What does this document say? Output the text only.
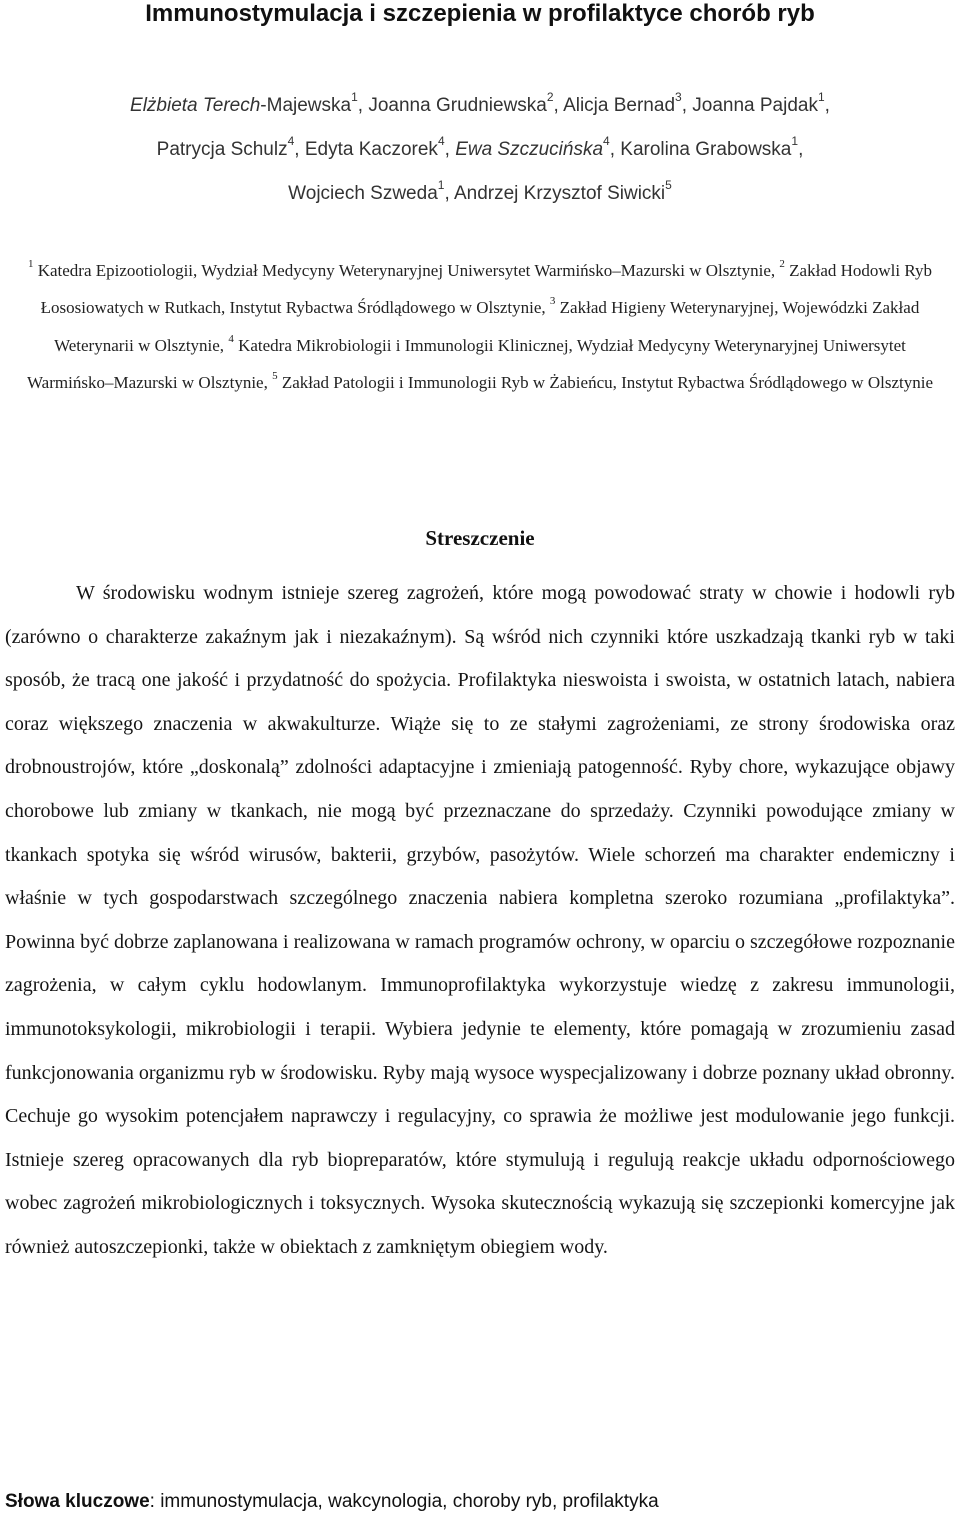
Immunostymulacja i szczepienia w profilaktyce chorób ryb
Elżbieta Terech-Majewska$^1$, Joanna Grudniewska$^2$, Alicja Bernad$^3$, Joanna Pajdak$^1$,
Patrycja Schulz$^4$, Edyta Kaczorek$^4$, Ewa Szczucińska$^4$, Karolina Grabowska$^1$,
Wojciech Szweda$^1$, Andrzej Krzysztof Siwicki$^5$
$^1$ Katedra Epizootiologii, Wydział Medycyny Weterynaryjnej Uniwersytet Warmińsko–Mazurski w Olsztynie, $^2$ Zakład Hodowli Ryb Łososiowatych w Rutkach, Instytut Rybactwa Śródlądowego w Olsztynie, $^3$ Zakład Higieny Weterynaryjnej, Wojewódzki Zakład Weterynarii w Olsztynie, $^4$ Katedra Mikrobiologii i Immunologii Klinicznej, Wydział Medycyny Weterynaryjnej Uniwersytet Warmińsko–Mazurski w Olsztynie, $^5$ Zakład Patologii i Immunologii Ryb w Żabieńcu, Instytut Rybactwa Śródlądowego w Olsztynie
Streszczenie
W środowisku wodnym istnieje szereg zagrożeń, które mogą powodować straty w chowie i hodowli ryb (zarówno o charakterze zakaźnym jak i niezakaźnym). Są wśród nich czynniki które uszkadzają tkanki ryb w taki sposób, że tracą one jakość i przydatność do spożycia. Profilaktyka nieswoista i swoista, w ostatnich latach, nabiera coraz większego znaczenia w akwakulturze. Wiąże się to ze stałymi zagrożeniami, ze strony środowiska oraz drobnoustrojów, które „doskonalą” zdolności adaptacyjne i zmieniają patogenność. Ryby chore, wykazujące objawy chorobowe lub zmiany w tkankach, nie mogą być przeznaczane do sprzedaży. Czynniki powodujące zmiany w tkankach spotyka się wśród wirusów, bakterii, grzybów, pasożytów. Wiele schorzeń ma charakter endemiczny i właśnie w tych gospodarstwach szczególnego znaczenia nabiera kompletna szeroko rozumiana „profilaktyka”. Powinna być dobrze zaplanowana i realizowana w ramach programów ochrony, w oparciu o szczegółowe rozpoznanie zagrożenia, w całym cyklu hodowlanym. Immunoprofilaktyka wykorzystuje wiedzę z zakresu immunologii, immunotoksykologii, mikrobiologii i terapii. Wybiera jedynie te elementy, które pomagają w zrozumieniu zasad funkcjonowania organizmu ryb w środowisku. Ryby mają wysoce wyspecjalizowany i dobrze poznany układ obronny. Cechuje go wysokim potencjałem naprawczy i regulacyjny, co sprawia że możliwe jest modulowanie jego funkcji. Istnieje szereg opracowanych dla ryb biopreparatów, które stymulują i regulują reakcje układu odpornościowego wobec zagrożeń mikrobiologicznych i toksycznych. Wysoka skutecznością wykazują się szczepionki komercyjne jak również autoszczepionki, także w obiektach z zamkniętym obiegiem wody.
Słowa kluczowe: immunostymulacja, wakcynologia, choroby ryb, profilaktyka
